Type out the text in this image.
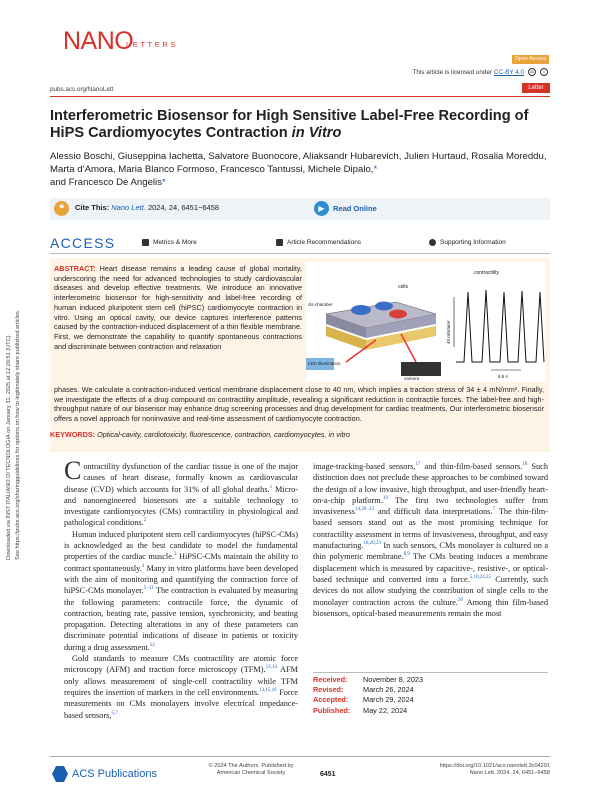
Downloaded via INST ITALIANO DI TECNOLOGIA on January 31, 2025 at 12:20:51 (UTC). See https://pubs.acs.org/sharingguidelines for options on how to legitimately share published articles.
NANO
LETTERS
Open Access
This article is licensed under CC-BY 4.0	cc	i
pubs.acs.org/NanoLett	Letter
Interferometric Biosensor for High Sensitive Label-Free Recording of HiPS Cardiomyocytes Contraction in Vitro
Alessio Boschi, Giuseppina Iachetta, Salvatore Buonocore, Aliaksandr Hubarevich, Julien Hurtaud, Rosalia Moreddu, Marta d’Amora, Maria Blanco Formoso, Francesco Tantussi, Michele Dipalo,*
and Francesco De Angelis*
❝	Cite This: Nano Lett. 2024, 24, 6451−6458	▶	Read Online
ACCESS	Metrics & More	Article Recommendations	Supporting Information
ABSTRACT: Heart disease remains a leading cause of global mortality, underscoring the need for advanced technologies to study cardiovascular diseases and develop effective treatments. We introduce an innovative interferometric biosensor for high-sensitivity and label-free recording of human induced pluripotent stem cell (hiPSC) cardiomyocyte contraction in vitro. Using an optical cavity, our device captures interference patterns caused by the contraction-induced displacement of a thin flexible membrane. First, we demonstrate the capability to quantify spontaneous contractions and discriminate between contraction and relaxation
phases. We calculate a contraction-induced vertical membrane displacement close to 40 nm, which implies a traction stress of 34 ± 4 mN/mm². Finally, we investigate the effects of a drug compound on contractility amplitude, revealing a significant reduction in contractile forces. The label-free and high-throughput nature of our biosensor may enhance drug screening processes and drug development for cardiac treatments. Our interferometric biosensor offers a novel approach for noninvasive and real-time assessment of cardiomyocyte contraction.
KEYWORDS: Optical-cavity, cardiotoxicity, fluorescence, contraction, cardiomyocytes, in vitro
LED illumination
camera
cells
cls-chamber
contractility
40 mN/mm²
6.5 s

Contractility dysfunction of the cardiac tissue is one of the major causes of heart disease, formally known as cardiovascular disease (CVD) which accounts for 31% of all global deaths.$^1$ Micro- and nanoengineered biosensors are a suitable technology to investigate cardiomyocytes (CMs) contractility in physiological and pathological conditions.$^2$

Human induced pluripotent stem cell cardiomyocytes (hiPSC-CMs) is acknowledged as the best candidate to model the fundamental properties of the cardiac muscle.$^3$ HiPSC-CMs maintain the ability to contract spontaneously.$^4$ Many in vitro platforms have been developed with the aim of monitoring and quantifying the contraction force of hiPSC-CMs monolayer.$^{5-11}$ The contraction is evaluated by measuring the following parameters: contractile force, the dynamic of contraction, beating rate, passive tension, synchronicity, and beating propagation. Detecting alterations in any of these parameters can discriminate potential indications of disease in patients or toxicity during a drug assessment.$^{12}$

Gold standards to measure CMs contractility are atomic force microscopy (AFM) and traction force microscopy (TFM).$^{13,14}$ AFM only allows measurement of single-cell contractility while TFM requires the insertion of markers in the cell environments.$^{13,15,16}$ Force measurements on CMs monolayers involve electrical impedance-based sensors,$^{5,7}$

image-tracking-based sensors,$^{17}$ and thin-film-based sensors.$^{18}$ Such distinction does not preclude these approaches to be combined toward the design of a low invasive, high throughput, and user-friendly heart-on-a-chip platform.$^{19}$ The first two technologies suffer from invasiveness$^{14,20-22}$ and difficult data interpretations.$^7$ The thin-film-based sensors stand out as the most promising technique for contractility assessment in terms of invasiveness, throughput, and easy manufacturing.$^{18,20,23}$ In such sensors, CMs monolayer is cultured on a thin polymeric membrane.$^{8,9}$ The CMs beating induces a membrane displacement which is measured by capacitive-, resistive-, or optical-based technique and converted into a force.$^{5,10,24,25}$ Currently, such devices do not allow studying the contribution of single cells to the monolayer contraction across the culture.$^{20}$ Among thin film-based biosensors, optical-based measurements remain the most

Received:	November 8, 2023
Revised:	March 26, 2024
Accepted:	March 29, 2024
Published:	May 22, 2024
ACS Publications
© 2024 The Authors. Published by
American Chemical Society	6451
https://doi.org/10.1021/acs.nanolett.3c04291
Nano Lett. 2024, 24, 6451−6458
